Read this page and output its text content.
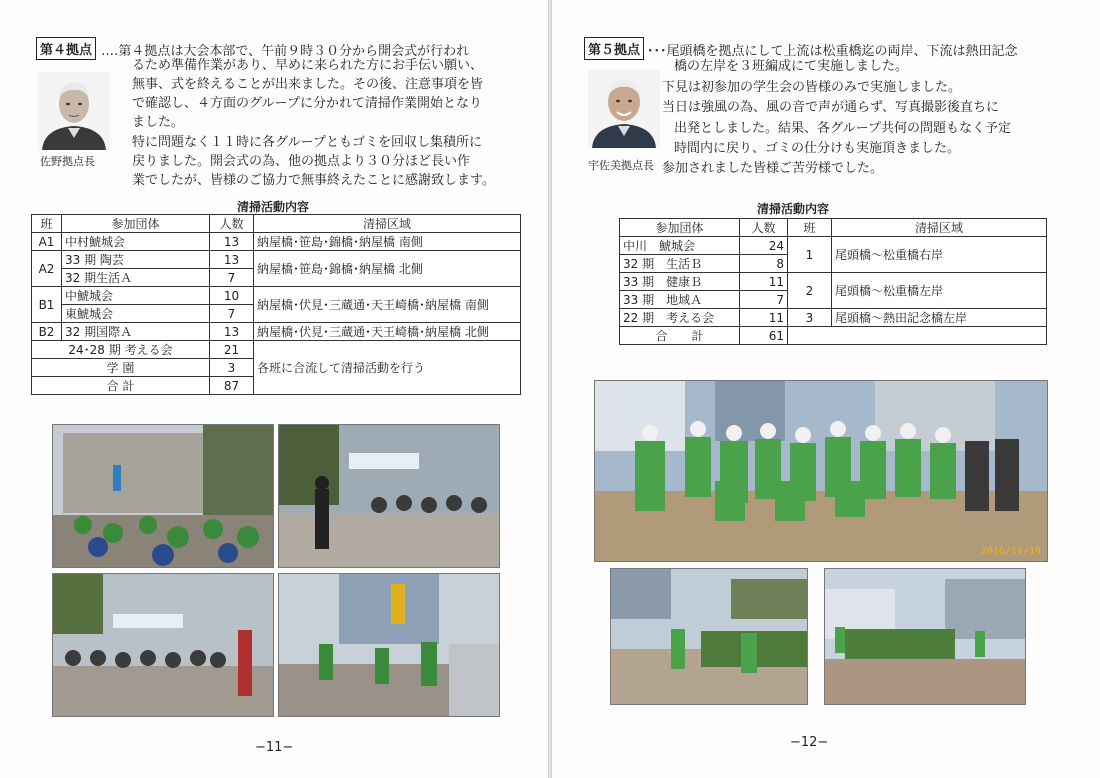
第４拠点 ‥‥第４拠点は大会本部で、午前９時３０分から開会式が行われ
佐野拠点長
るため準備作業があり、早めに来られた方にお手伝い願い、
無事、式を終えることが出来ました。その後、注意事項を皆
で確認し、４方面のグループに分かれて清掃作業開始となり
ました。
特に問題なく１１時に各グループともゴミを回収し集積所に
戻りました。開会式の為、他の拠点より３０分ほど長い作
業でしたが、皆様のご協力で無事終えたことに感謝致します。
清掃活動内容
班	参加団体	人数	清掃区域
A1	中村鯱城会	13	納屋橋･笹島･錦橋･納屋橋 南側
A2	33 期 陶芸	13	納屋橋･笹島･錦橋･納屋橋 北側
	32 期生活Ａ	7	
B1	中鯱城会	10	納屋橋･伏見･三蔵通･天王崎橋･納屋橋 南側
	東鯱城会	7	
B2	32 期国際Ａ	13	納屋橋･伏見･三蔵通･天王崎橋･納屋橋 北側
24･28 期 考える会		21	各班に合流して清掃活動を行う
学 園		3	
合 計		87	
−11−
第５拠点 ･･･尾頭橋を拠点にして上流は松重橋迄の両岸、下流は熱田記念
宇佐美拠点長
橋の左岸を３班編成にて実施しました。
下見は初参加の学生会の皆様のみで実施しました。
当日は強風の為、風の音で声が通らず、写真撮影後直ちに
出発としました。結果、各グループ共何の問題もなく予定
時間内に戻り、ゴミの仕分けも実施頂きました。
参加されました皆様ご苦労様でした。
清掃活動内容
参加団体	人数	班	清掃区域
中川　鯱城会	24	1	尾頭橋～松重橋右岸
32 期　生活Ｂ	8		
33 期　健康Ｂ	11	2	尾頭橋～松重橋左岸
33 期　地域Ａ	7		
22 期　考える会	11	3	尾頭橋～熱田記念橋左岸
合　　計	61		
2016/11/19
−12−
